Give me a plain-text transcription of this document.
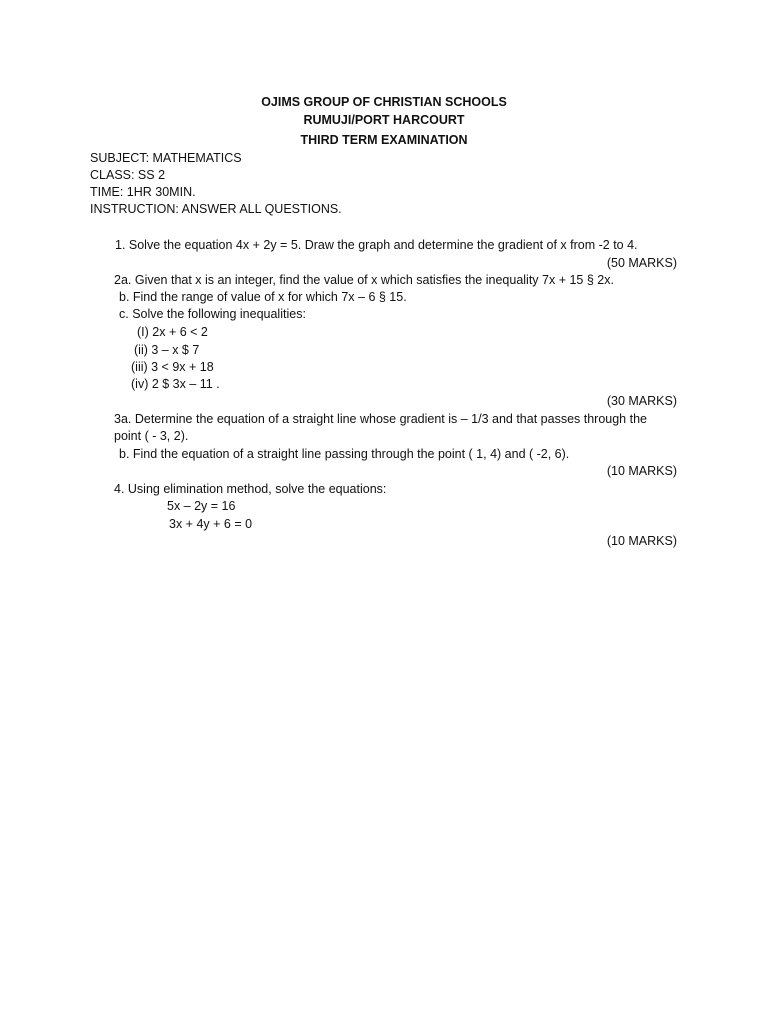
OJIMS GROUP OF CHRISTIAN SCHOOLS
RUMUJI/PORT HARCOURT
THIRD TERM EXAMINATION
SUBJECT: MATHEMATICS
CLASS: SS 2
TIME: 1HR 30MIN.
INSTRUCTION: ANSWER ALL QUESTIONS.
1. Solve the equation 4x + 2y = 5. Draw the graph and determine the gradient of x from -2 to 4.
(50 MARKS)
2a. Given that x is an integer, find the value of x which satisfies the inequality 7x + 15 § 2x.
b. Find the range of value of x for which 7x – 6 § 15.
c. Solve the following inequalities:
(I) 2x + 6 < 2
(ii) 3 – x $ 7
(iii) 3 < 9x + 18
(iv) 2 $ 3x – 11 .
(30 MARKS)
3a. Determine the equation of a straight line whose gradient is – 1/3 and that passes through the
point ( - 3, 2).
b. Find the equation of a straight line passing through the point ( 1, 4) and ( -2, 6).
(10 MARKS)
4. Using elimination method, solve the equations:
5x – 2y = 16
3x + 4y + 6 = 0
(10 MARKS)
